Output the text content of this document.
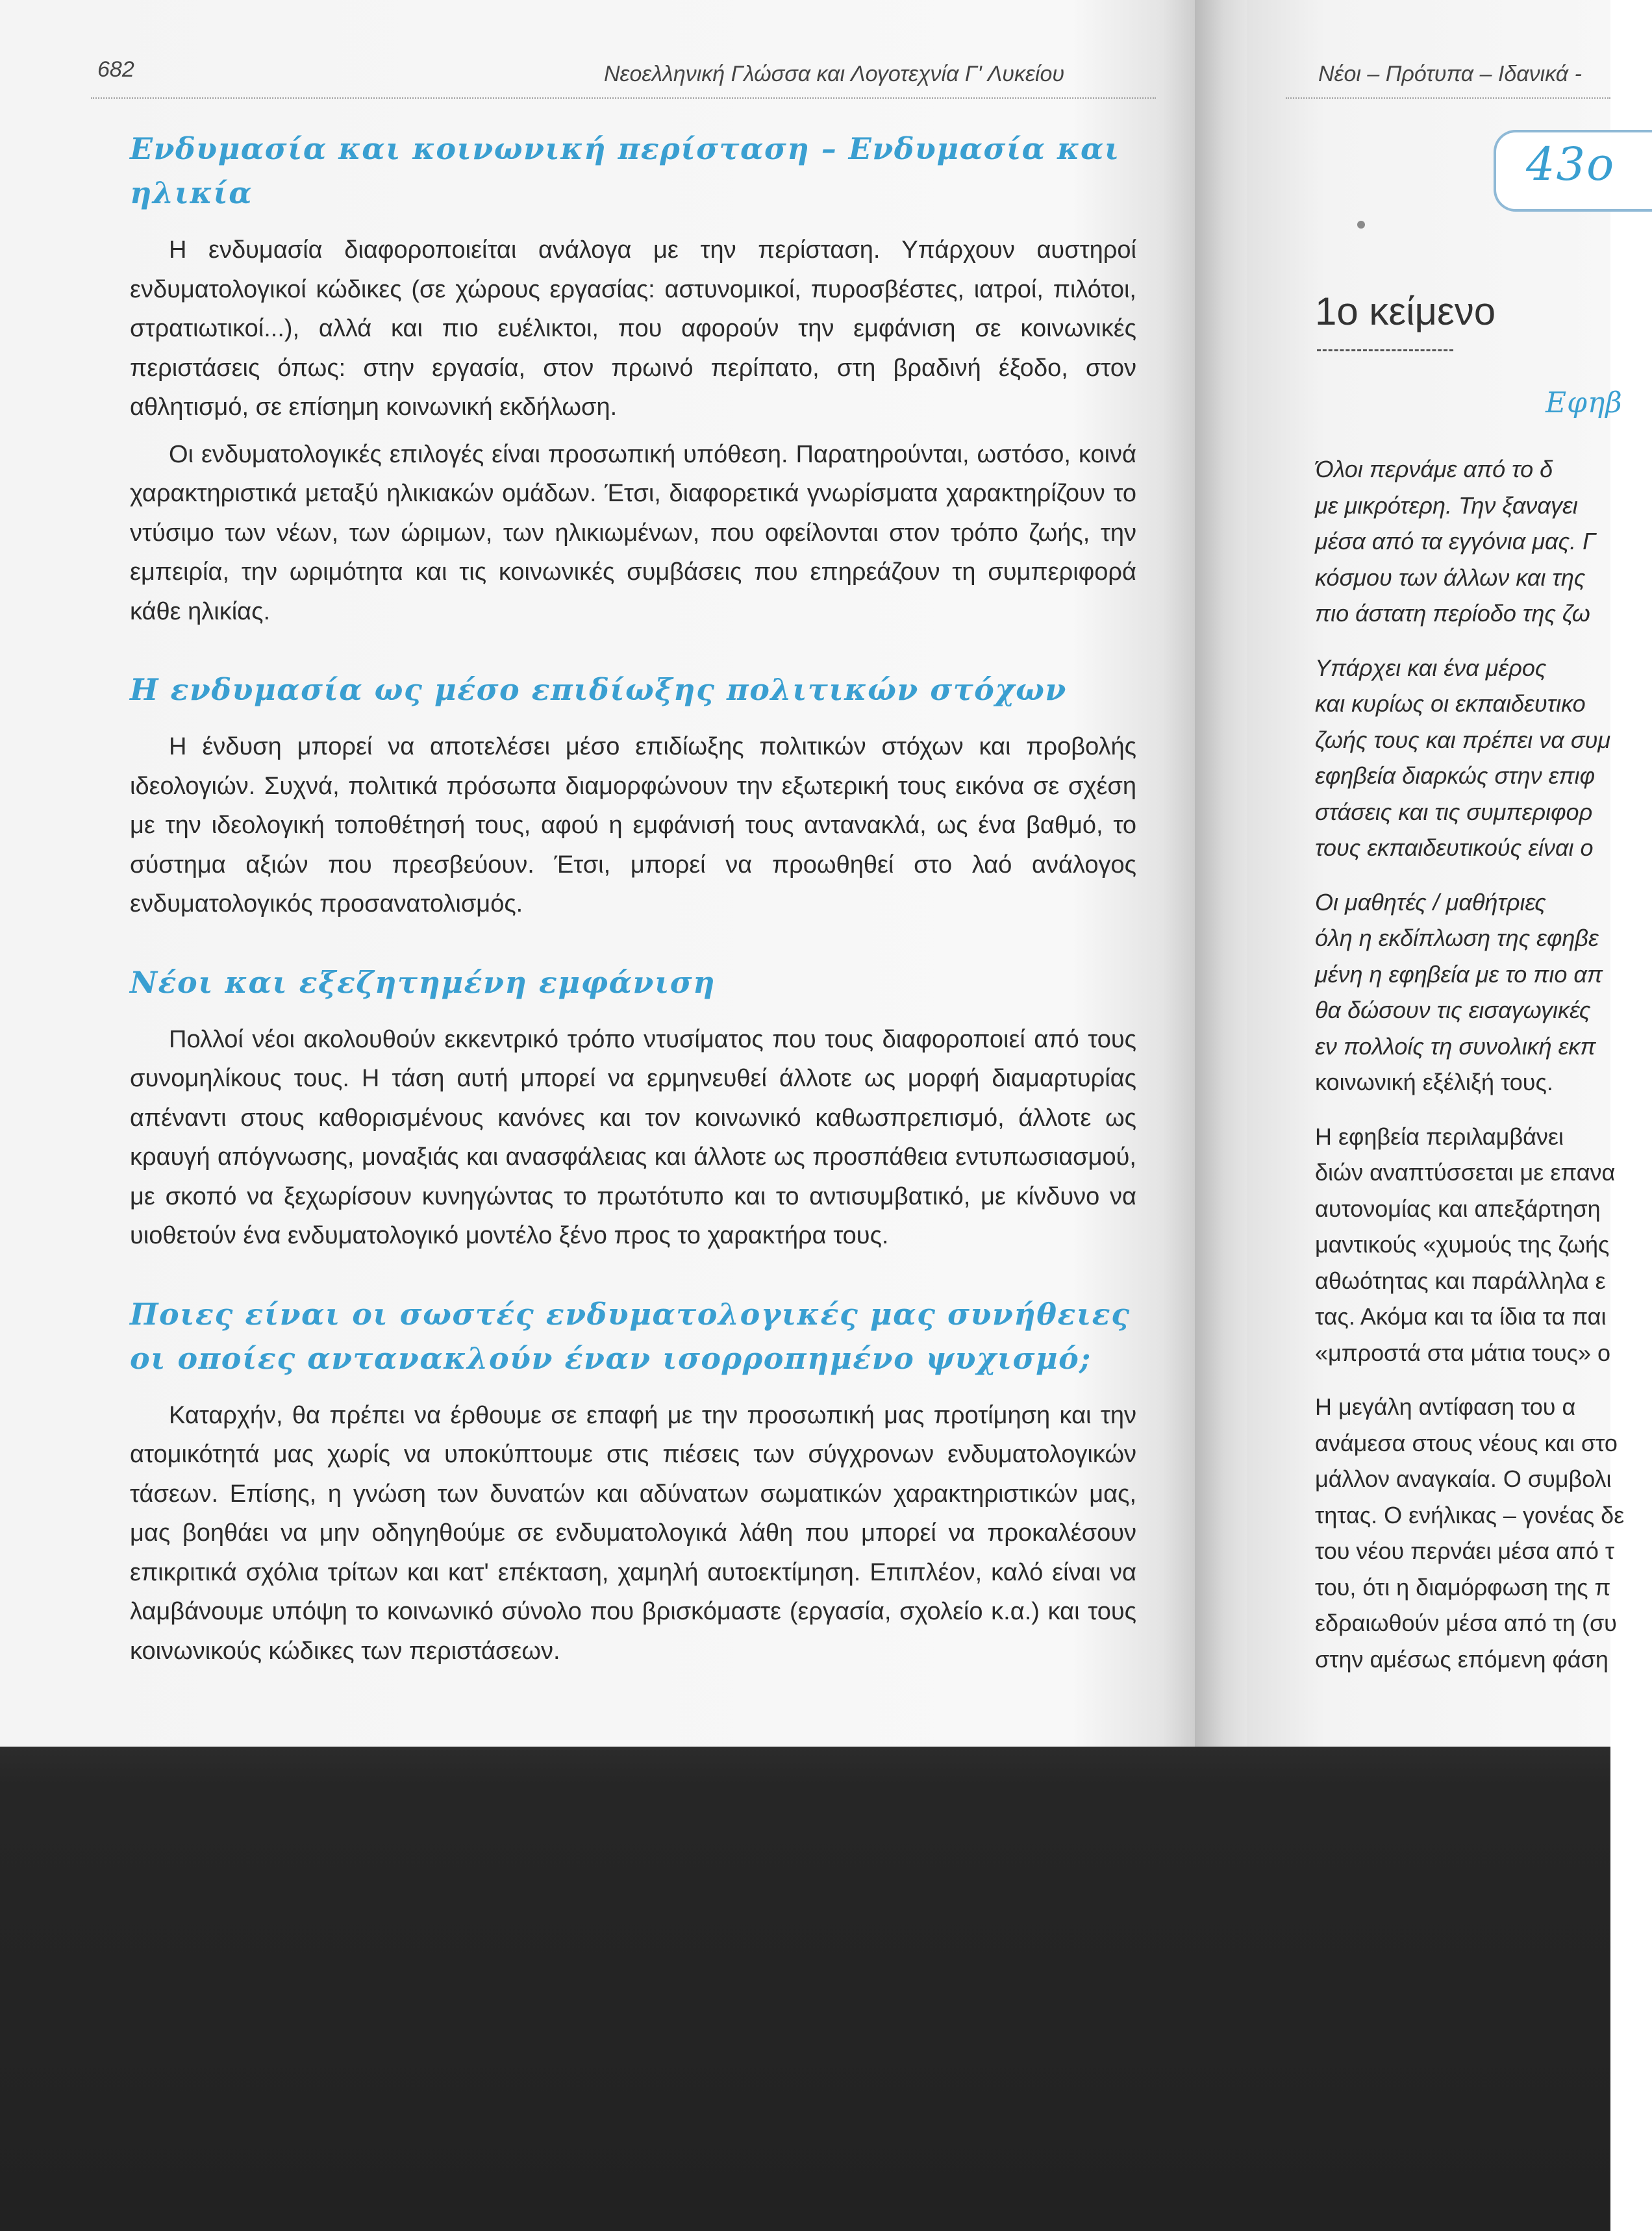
682	Νεοελληνική Γλώσσα και Λογοτεχνία Γ' Λυκείου
Ενδυμασία και κοινωνική περίσταση – Ενδυμασία και ηλικία

Η ενδυμασία διαφοροποιείται ανάλογα με την περίσταση. Υπάρχουν αυστηροί ενδυματολογικοί κώδικες (σε χώρους εργασίας: αστυνομικοί, πυροσβέστες, ιατροί, πιλότοι, στρατιωτικοί...), αλλά και πιο ευέλικτοι, που αφορούν την εμφάνιση σε κοινωνικές περιστάσεις όπως: στην εργασία, στον πρωινό περίπατο, στη βραδινή έξοδο, στον αθλητισμό, σε επίσημη κοινωνική εκδήλωση.

Οι ενδυματολογικές επιλογές είναι προσωπική υπόθεση. Παρατηρούνται, ωστόσο, κοινά χαρακτηριστικά μεταξύ ηλικιακών ομάδων. Έτσι, διαφορετικά γνωρίσματα χαρακτηρίζουν το ντύσιμο των νέων, των ώριμων, των ηλικιωμένων, που οφείλονται στον τρόπο ζωής, την εμπειρία, την ωριμότητα και τις κοινωνικές συμβάσεις που επηρεάζουν τη συμπεριφορά κάθε ηλικίας.

Η ενδυμασία ως μέσο επιδίωξης πολιτικών στόχων

Η ένδυση μπορεί να αποτελέσει μέσο επιδίωξης πολιτικών στόχων και προβολής ιδεολογιών. Συχνά, πολιτικά πρόσωπα διαμορφώνουν την εξωτερική τους εικόνα σε σχέση με την ιδεολογική τοποθέτησή τους, αφού η εμφάνισή τους αντανακλά, ως ένα βαθμό, το σύστημα αξιών που πρεσβεύουν. Έτσι, μπορεί να προωθηθεί στο λαό ανάλογος ενδυματολογικός προσανατολισμός.

Νέοι και εξεζητημένη εμφάνιση

Πολλοί νέοι ακολουθούν εκκεντρικό τρόπο ντυσίματος που τους διαφοροποιεί από τους συνομηλίκους τους. Η τάση αυτή μπορεί να ερμηνευθεί άλλοτε ως μορφή διαμαρτυρίας απέναντι στους καθορισμένους κανόνες και τον κοινωνικό καθωσπρεπισμό, άλλοτε ως κραυγή απόγνωσης, μοναξιάς και ανασφάλειας και άλλοτε ως προσπάθεια εντυπωσιασμού, με σκοπό να ξεχωρίσουν κυνηγώντας το πρωτότυπο και το αντισυμβατικό, με κίνδυνο να υιοθετούν ένα ενδυματολογικό μοντέλο ξένο προς το χαρακτήρα τους.

Ποιες είναι οι σωστές ενδυματολογικές μας συνήθειες
οι οποίες αντανακλούν έναν ισορροπημένο ψυχισμό;

Καταρχήν, θα πρέπει να έρθουμε σε επαφή με την προσωπική μας προτίμηση και την ατομικότητά μας χωρίς να υποκύπτουμε στις πιέσεις των σύγχρονων ενδυματολογικών τάσεων. Επίσης, η γνώση των δυνατών και αδύνατων σωματικών χαρακτηριστικών μας, μας βοηθάει να μην οδηγηθούμε σε ενδυματολογικά λάθη που μπορεί να προκαλέσουν επικριτικά σχόλια τρίτων και κατ' επέκταση, χαμηλή αυτοεκτίμηση. Επιπλέον, καλό είναι να λαμβάνουμε υπόψη το κοινωνικό σύνολο που βρισκόμαστε (εργασία, σχολείο κ.α.) και τους κοινωνικούς κώδικες των περιστάσεων.

Νέοι – Πρότυπα – Ιδανικά -
43ο
1ο κείμενο
Εφηβ
Όλοι περνάμε από το δ
με μικρότερη. Την ξαναγει
μέσα από τα εγγόνια μας. Γ
κόσμου των άλλων και της
πιο άστατη περίοδο της ζω
Υπάρχει και ένα μέρος
και κυρίως οι εκπαιδευτικο
ζωής τους και πρέπει να συμ
εφηβεία διαρκώς στην επιφ
στάσεις και τις συμπεριφορ
τους εκπαιδευτικούς είναι ο
Οι μαθητές / μαθήτριες
όλη η εκδίπλωση της εφηβε
μένη η εφηβεία με το πιο απ
θα δώσουν τις εισαγωγικές
εν πολλοίς τη συνολική εκπ
κοινωνική εξέλιξή τους.
Η εφηβεία περιλαμβάνει
διών αναπτύσσεται με επανα
αυτονομίας και απεξάρτηση
μαντικούς «χυμούς της ζωής
αθωότητας και παράλληλα ε
τας. Ακόμα και τα ίδια τα παι
«μπροστά στα μάτια τους» ο
Η μεγάλη αντίφαση του α
ανάμεσα στους νέους και στο
μάλλον αναγκαία. Ο συμβολι
τητας. Ο ενήλικας – γονέας δε
του νέου περνάει μέσα από τ
του, ότι η διαμόρφωση της π
εδραιωθούν μέσα από τη (συ
στην αμέσως επόμενη φάση
